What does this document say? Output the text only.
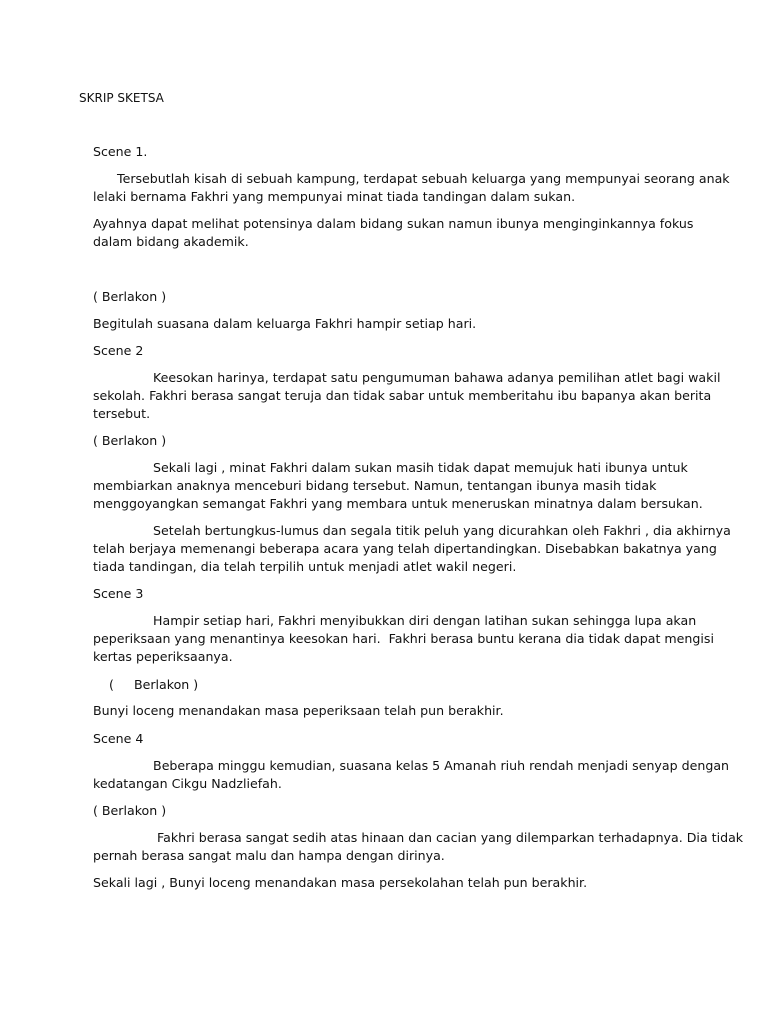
SKRIP SKETSA
Scene 1.
Tersebutlah kisah di sebuah kampung, terdapat sebuah keluarga yang mempunyai seorang anak
lelaki bernama Fakhri yang mempunyai minat tiada tandingan dalam sukan.
Ayahnya dapat melihat potensinya dalam bidang sukan namun ibunya menginginkannya fokus
dalam bidang akademik.
( Berlakon )
Begitulah suasana dalam keluarga Fakhri hampir setiap hari.
Scene 2
Keesokan harinya, terdapat satu pengumuman bahawa adanya pemilihan atlet bagi wakil
sekolah. Fakhri berasa sangat teruja dan tidak sabar untuk memberitahu ibu bapanya akan berita
tersebut.
( Berlakon )
Sekali lagi , minat Fakhri dalam sukan masih tidak dapat memujuk hati ibunya untuk
membiarkan anaknya menceburi bidang tersebut. Namun, tentangan ibunya masih tidak
menggoyangkan semangat Fakhri yang membara untuk meneruskan minatnya dalam bersukan.
Setelah bertungkus-lumus dan segala titik peluh yang dicurahkan oleh Fakhri , dia akhirnya
telah berjaya memenangi beberapa acara yang telah dipertandingkan. Disebabkan bakatnya yang
tiada tandingan, dia telah terpilih untuk menjadi atlet wakil negeri.
Scene 3
Hampir setiap hari, Fakhri menyibukkan diri dengan latihan sukan sehingga lupa akan
peperiksaan yang menantinya keesokan hari.  Fakhri berasa buntu kerana dia tidak dapat mengisi
kertas peperiksaanya.
(     Berlakon )
Bunyi loceng menandakan masa peperiksaan telah pun berakhir.
Scene 4
Beberapa minggu kemudian, suasana kelas 5 Amanah riuh rendah menjadi senyap dengan
kedatangan Cikgu Nadzliefah.
( Berlakon )
Fakhri berasa sangat sedih atas hinaan dan cacian yang dilemparkan terhadapnya. Dia tidak
pernah berasa sangat malu dan hampa dengan dirinya.
Sekali lagi , Bunyi loceng menandakan masa persekolahan telah pun berakhir.
